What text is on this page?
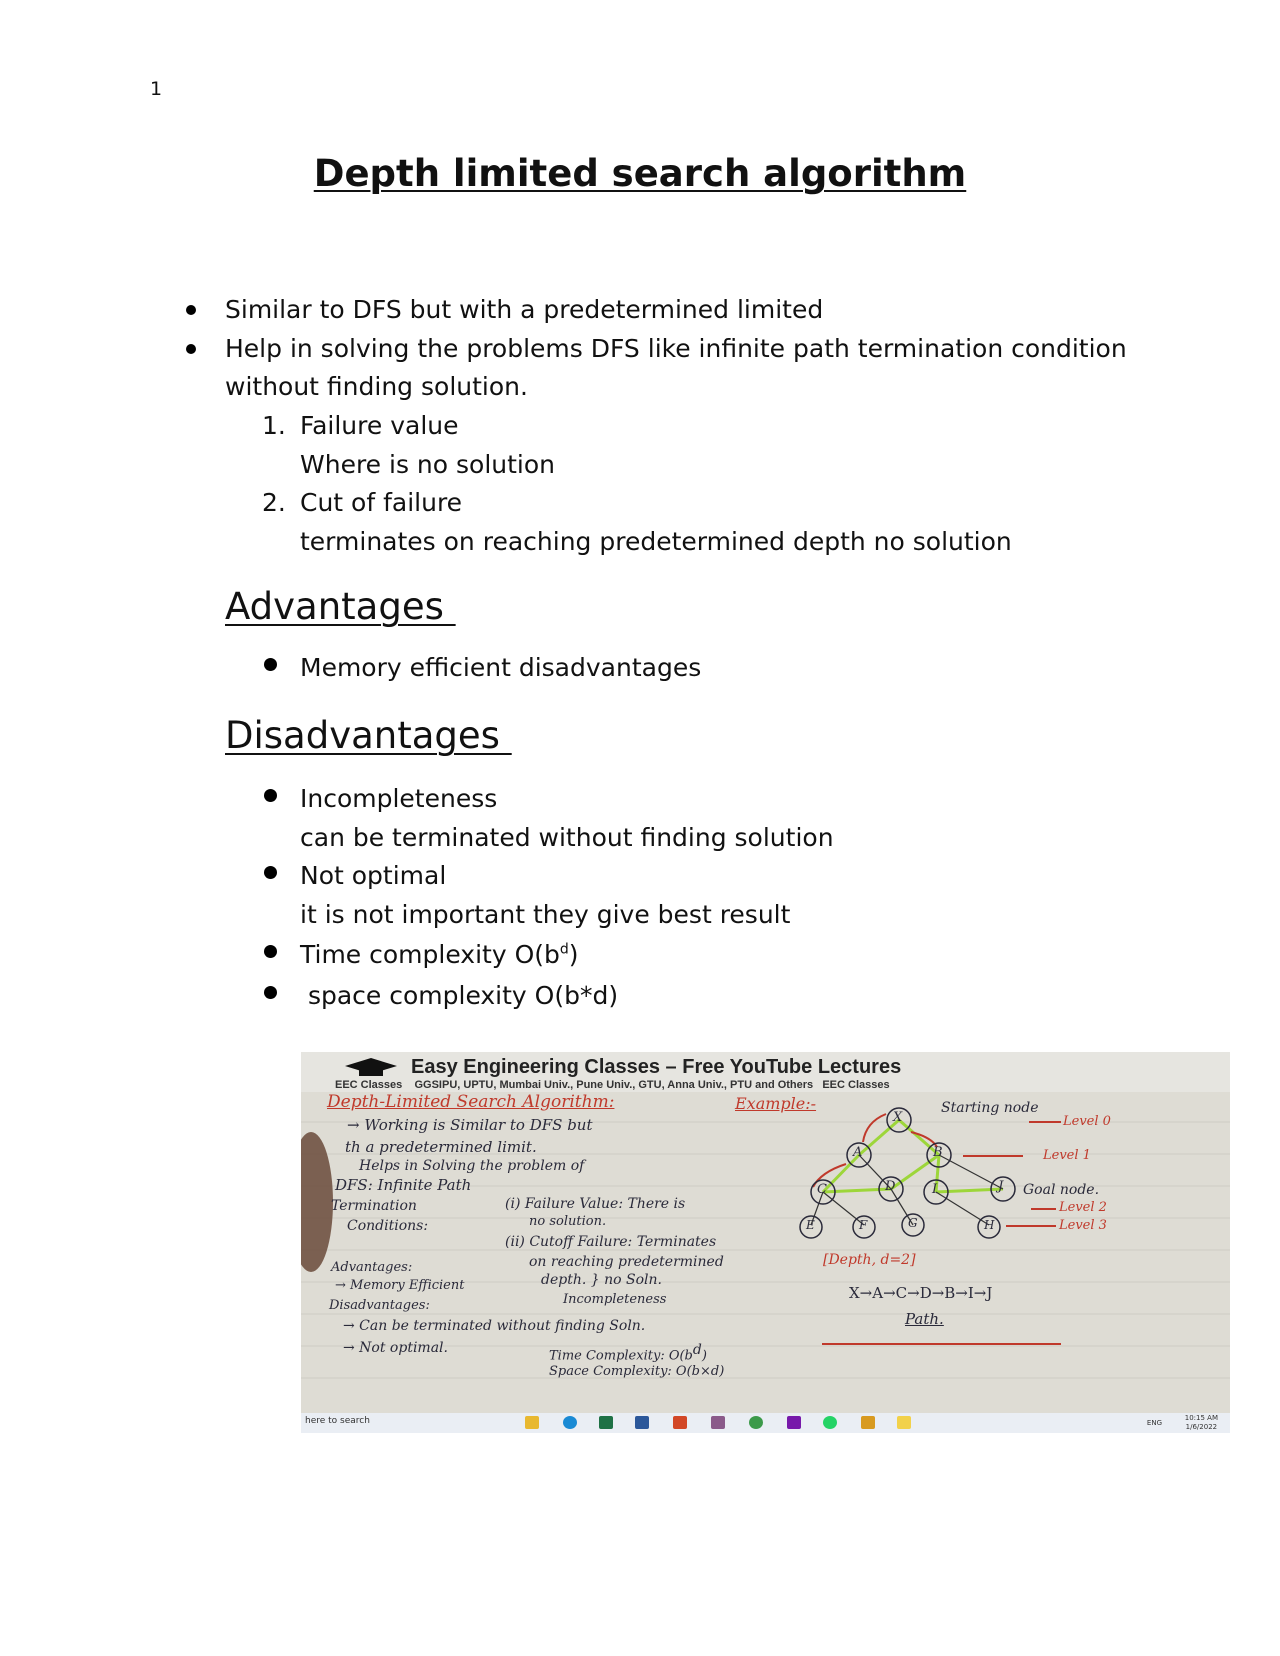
1
Depth limited search algorithm
Similar to DFS but with a predetermined limited
Help in solving the problems DFS like infinite path termination condition
without finding solution.
1. Failure value
Where is no solution
2. Cut of failure
terminates on reaching predetermined depth no solution
Advantages
Memory efficient disadvantages
Disadvantages
Incompleteness
can be terminated without finding solution
Not optimal
it is not important they give best result
Time complexity $O(b^d)$
space complexity O(b*d)
Easy Engineering Classes – Free YouTube Lectures
EEC Classes    GGSIPU, UPTU, Mumbai Univ., Pune Univ., GTU, Anna Univ., PTU and Others   EEC Classes
X
A	B
C	D	I	J
E	F	G	H
Depth-Limited Search Algorithm:
→ Working is Similar to DFS but
th a predetermined limit.
Helps in Solving the problem of
DFS: Infinite Path
Termination
Conditions:
(i) Failure Value: There is
no solution.
(ii) Cutoff Failure: Terminates
on reaching predetermined	[Depth, d=2]
depth. } no Soln.
Advantages:
→ Memory Efficient
Disadvantages:	Incompleteness
→ Can be terminated without finding Soln.
→ Not optimal.	Time Complexity: $O(b^d)$
Space Complexity: O(b×d)
Example:-	Starting node
Goal node.
Level 0
Level 1
Level 2
Level 3
X→A→C→D→B→I→J
Path.
here to search	ENG
10:15 AM
1/6/2022
